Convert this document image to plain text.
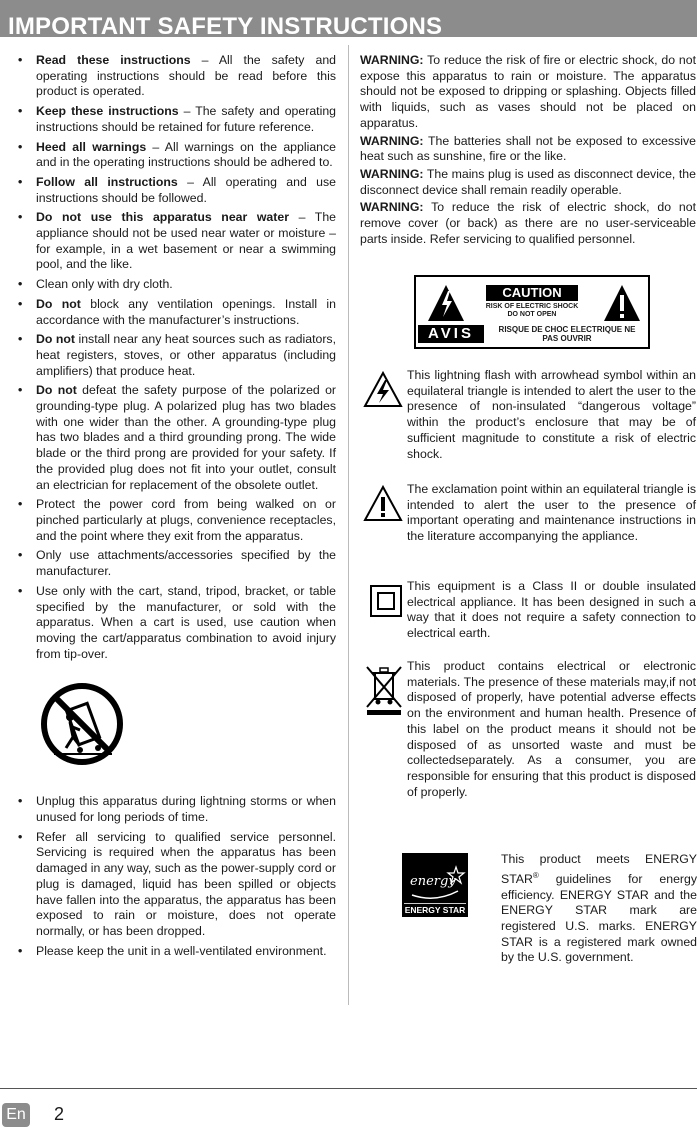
IMPORTANT SAFETY INSTRUCTIONS
• Read these instructions – All the safety and operating instructions should be read before this product is operated.
• Keep these instructions – The safety and operating instructions should be retained for future reference.
• Heed all warnings – All warnings on the appliance and in the operating instructions should be adhered to.
• Follow all instructions – All operating and use instructions should be followed.
• Do not use this apparatus near water – The appliance should not be used near water or moisture – for example, in a wet basement or near a swimming pool, and the like.
• Clean only with dry cloth.
• Do not block any ventilation openings. Install in accordance with the manufacturer’s instructions.
• Do not install near any heat sources such as radiators, heat registers, stoves, or other apparatus (including amplifiers) that produce heat.
• Do not defeat the safety purpose of the polarized or grounding-type plug. A polarized plug has two blades with one wider than the other. A grounding-type plug has two blades and a third grounding prong. The wide blade or the third prong are provided for your safety. If the provided plug does not fit into your outlet, consult an electrician for replacement of the obsolete outlet.
• Protect the power cord from being walked on or pinched particularly at plugs, convenience receptacles, and the point where they exit from the apparatus.
• Only use attachments/accessories specified by the manufacturer.
• Use only with the cart, stand, tripod, bracket, or table specified by the manufacturer, or sold with the apparatus. When a cart is used, use caution when moving the cart/apparatus combination to avoid injury from tip-over.
• Unplug this apparatus during lightning storms or when unused for long periods of time.
• Refer all servicing to qualified service personnel. Servicing is required when the apparatus has been damaged in any way, such as the power-supply cord or plug is damaged, liquid has been spilled or objects have fallen into the apparatus, the apparatus has been exposed to rain or moisture, does not operate normally, or has been dropped.
• Please keep the unit in a well-ventilated environment.

WARNING: To reduce the risk of fire or electric shock, do not expose this apparatus to rain or moisture. The apparatus should not be exposed to dripping or splashing. Objects filled with liquids, such as vases should not be placed on apparatus.

WARNING: The batteries shall not be exposed to excessive heat such as sunshine, fire or the like.

WARNING: The mains plug is used as disconnect device, the disconnect device shall remain readily operable.

WARNING: To reduce the risk of electric shock, do not remove cover (or back) as there are no user-serviceable parts inside. Refer servicing to qualified personnel.

CAUTION
RISK OF ELECTRIC SHOCK
DO NOT OPEN
AVIS	RISQUE DE CHOC ELECTRIQUE NE
PAS OUVRIR
This lightning flash with arrowhead symbol within an equilateral triangle is intended to alert the user to the presence of non-insulated “dangerous voltage” within the product’s enclosure that may be of sufficient magnitude to constitute a risk of electric shock.
The exclamation point within an equilateral triangle is intended to alert the user to the presence of important operating and maintenance instructions in the literature accompanying the appliance.
This equipment is a Class II or double insulated electrical appliance. It has been designed in such a way that it does not require a safety connection to electrical earth.
This product contains electrical or electronic materials. The presence of these materials may,if not disposed of properly, have potential adverse effects on the environment and human health. Presence of this label on the product means it should not be disposed of as unsorted waste and must be collectedseparately. As a consumer, you are responsible for ensuring that this product is disposed of properly.
energy
ENERGY STAR
This product meets ENERGY STAR® guidelines for energy efficiency. ENERGY STAR and the ENERGY STAR mark are registered U.S. marks. ENERGY STAR is a registered mark owned by the U.S. government.
En 2
